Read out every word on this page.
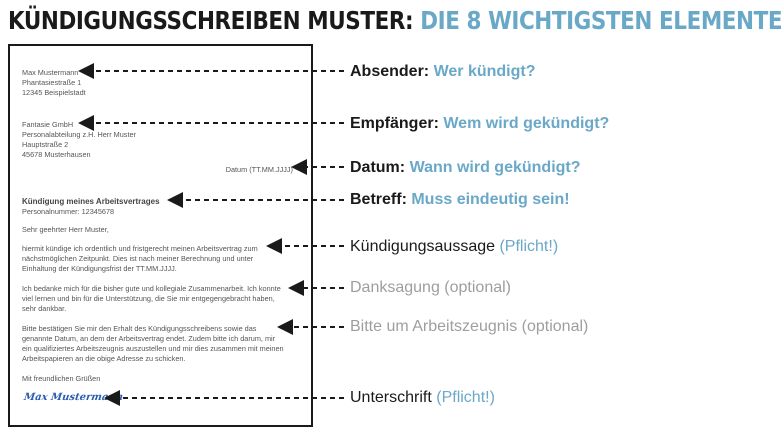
KÜNDIGUNGSSCHREIBEN MUSTER: DIE 8 WICHTIGSTEN ELEMENTE
Max Mustermann
Phantasiestraße 1
12345 Beispielstadt
Fantasie GmbH
Personalabteilung z.H. Herr Muster
Hauptstraße 2
45678 Musterhausen
Datum (TT.MM.JJJJ)
Kündigung meines Arbeitsvertrages
Personalnummer: 12345678
Sehr geehrter Herr Muster,
hiermit kündige ich ordentlich und fristgerecht meinen Arbeitsvertrag zum
nächstmöglichen Zeitpunkt. Dies ist nach meiner Berechnung und unter
Einhaltung der Kündigungsfrist der TT.MM.JJJJ.
Ich bedanke mich für die bisher gute und kollegiale Zusammenarbeit. Ich konnte
viel lernen und bin für die Unterstützung, die Sie mir entgegengebracht haben,
sehr dankbar.
Bitte bestätigen Sie mir den Erhalt des Kündigungsschreibens sowie das
genannte Datum, an dem der Arbeitsvertrag endet. Zudem bitte ich darum, mir
ein qualifiziertes Arbeitszeugnis auszustellen und mir dies zusammen mit meinen
Arbeitspapieren an die obige Adresse zu schicken.
Mit freundlichen Grüßen
Max Mustermann
Absender: Wer kündigt?
Empfänger: Wem wird gekündigt?
Datum: Wann wird gekündigt?
Betreff: Muss eindeutig sein!
Kündigungsaussage (Pflicht!)
Danksagung (optional)
Bitte um Arbeitszeugnis (optional)
Unterschrift (Pflicht!)
